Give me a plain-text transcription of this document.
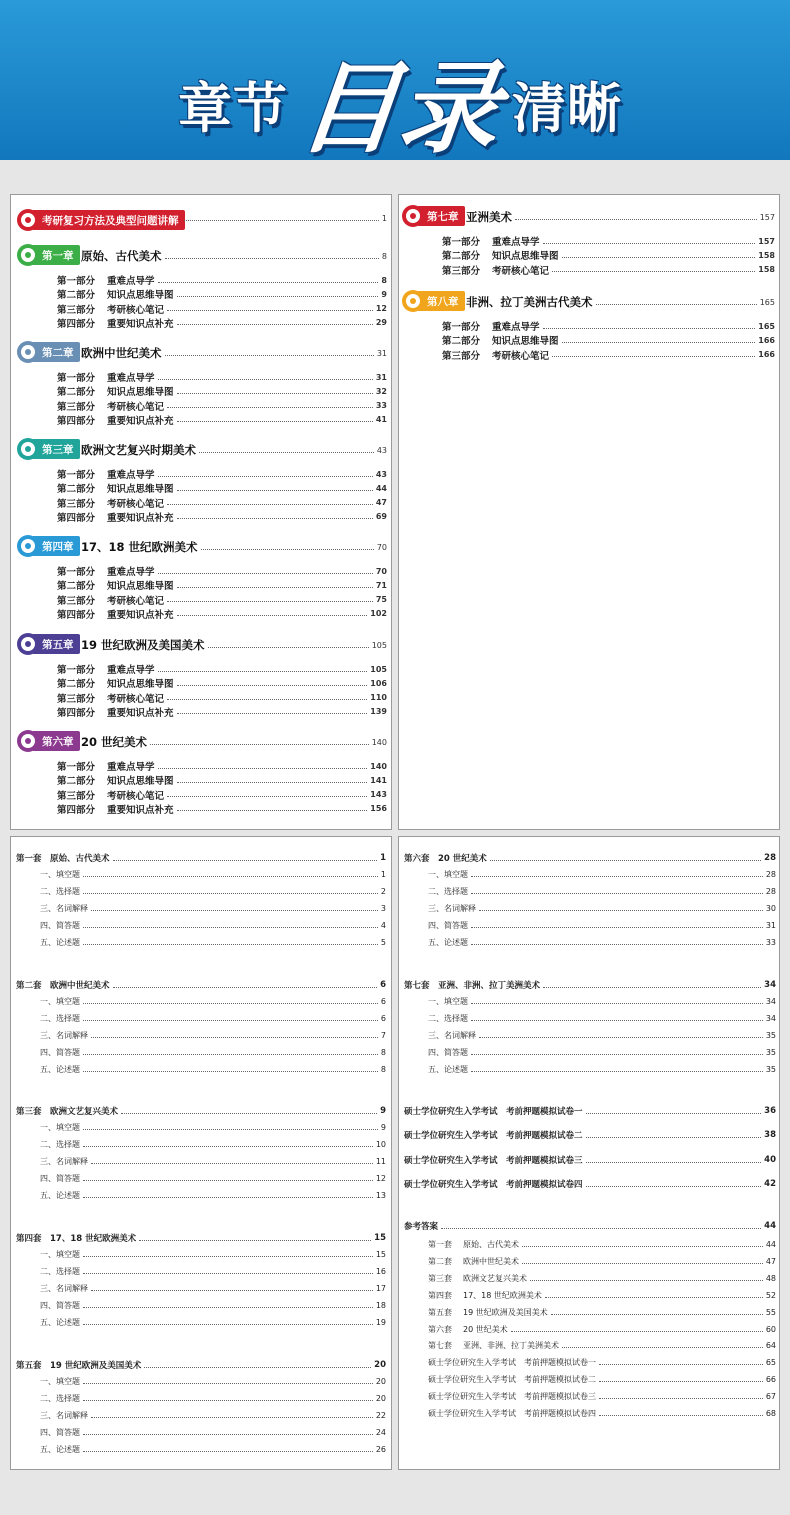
章节 目录 清晰
考研复习方法及典型问题讲解	1
第一章 原始、古代美术	8
第一部分	重难点导学	8
第二部分	知识点思维导图	9
第三部分	考研核心笔记	12
第四部分	重要知识点补充	29
第二章 欧洲中世纪美术	31
第一部分	重难点导学	31
第二部分	知识点思维导图	32
第三部分	考研核心笔记	33
第四部分	重要知识点补充	41
第三章 欧洲文艺复兴时期美术	43
第一部分	重难点导学	43
第二部分	知识点思维导图	44
第三部分	考研核心笔记	47
第四部分	重要知识点补充	69
第四章 17、18 世纪欧洲美术	70
第一部分	重难点导学	70
第二部分	知识点思维导图	71
第三部分	考研核心笔记	75
第四部分	重要知识点补充	102
第五章 19 世纪欧洲及美国美术	105
第一部分	重难点导学	105
第二部分	知识点思维导图	106
第三部分	考研核心笔记	110
第四部分	重要知识点补充	139
第六章 20 世纪美术	140
第一部分	重难点导学	140
第二部分	知识点思维导图	141
第三部分	考研核心笔记	143
第四部分	重要知识点补充	156
第七章 亚洲美术	157
第一部分	重难点导学	157
第二部分	知识点思维导图	158
第三部分	考研核心笔记	158
第八章 非洲、拉丁美洲古代美术	165
第一部分	重难点导学	165
第二部分	知识点思维导图	166
第三部分	考研核心笔记	166
第一套　原始、古代美术	1
一、填空题	1
二、选择题	2
三、名词解释	3
四、简答题	4
五、论述题	5
第二套　欧洲中世纪美术	6
一、填空题	6
二、选择题	6
三、名词解释	7
四、简答题	8
五、论述题	8
第三套　欧洲文艺复兴美术	9
一、填空题	9
二、选择题	10
三、名词解释	11
四、简答题	12
五、论述题	13
第四套　17、18 世纪欧洲美术	15
一、填空题	15
二、选择题	16
三、名词解释	17
四、简答题	18
五、论述题	19
第五套　19 世纪欧洲及美国美术	20
一、填空题	20
二、选择题	20
三、名词解释	22
四、简答题	24
五、论述题	26
第六套　20 世纪美术	28
一、填空题	28
二、选择题	28
三、名词解释	30
四、简答题	31
五、论述题	33
第七套　亚洲、非洲、拉丁美洲美术	34
一、填空题	34
二、选择题	34
三、名词解释	35
四、简答题	35
五、论述题	35
硕士学位研究生入学考试　考前押题模拟试卷一	36
硕士学位研究生入学考试　考前押题模拟试卷二	38
硕士学位研究生入学考试　考前押题模拟试卷三	40
硕士学位研究生入学考试　考前押题模拟试卷四	42
参考答案	44
第一套	原始、古代美术	44
第二套	欧洲中世纪美术	47
第三套	欧洲文艺复兴美术	48
第四套	17、18 世纪欧洲美术	52
第五套	19 世纪欧洲及美国美术	55
第六套	20 世纪美术	60
第七套	亚洲、非洲、拉丁美洲美术	64
硕士学位研究生入学考试　考前押题模拟试卷一	65
硕士学位研究生入学考试　考前押题模拟试卷二	66
硕士学位研究生入学考试　考前押题模拟试卷三	67
硕士学位研究生入学考试　考前押题模拟试卷四	68
